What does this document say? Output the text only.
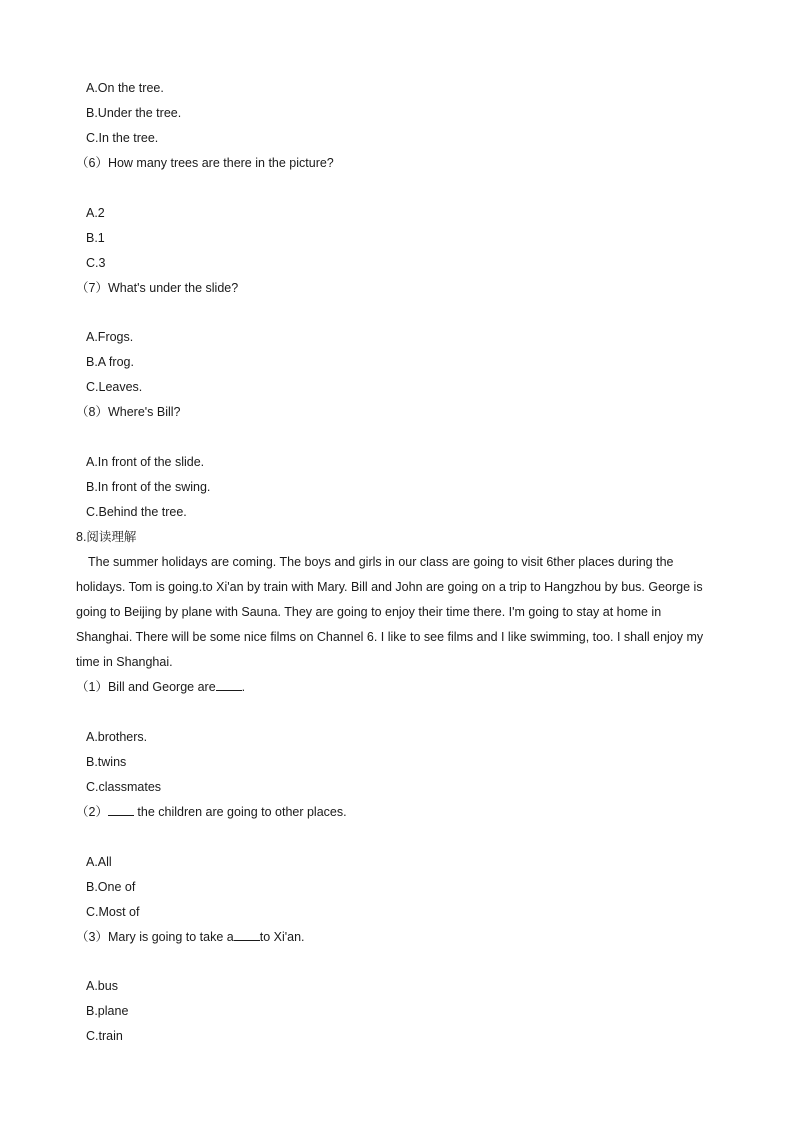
A.On the tree.
B.Under the tree.
C.In the tree.
（6）How many trees are there in the picture?
A.2
B.1
C.3
（7）What's under the slide?
A.Frogs.
B.A frog.
C.Leaves.
（8）Where's Bill?
A.In front of the slide.
B.In front of the swing.
C.Behind the tree.
8.阅读理解
The summer holidays are coming. The boys and girls in our class are going to visit 6ther places during the holidays. Tom is going.to Xi'an by train with Mary. Bill and John are going on a trip to Hangzhou by bus. George is going to Beijing by plane with Sauna. They are going to enjoy their time there. I'm going to stay at home in Shanghai. There will be some nice films on Channel 6. I like to see films and I like swimming, too. I shall enjoy my time in Shanghai.
（1）Bill and George are .
A.brothers.
B.twins
C.classmates
（2） the children are going to other places.
A.All
B.One of
C.Most of
（3）Mary is going to take a to Xi'an.
A.bus
B.plane
C.train
